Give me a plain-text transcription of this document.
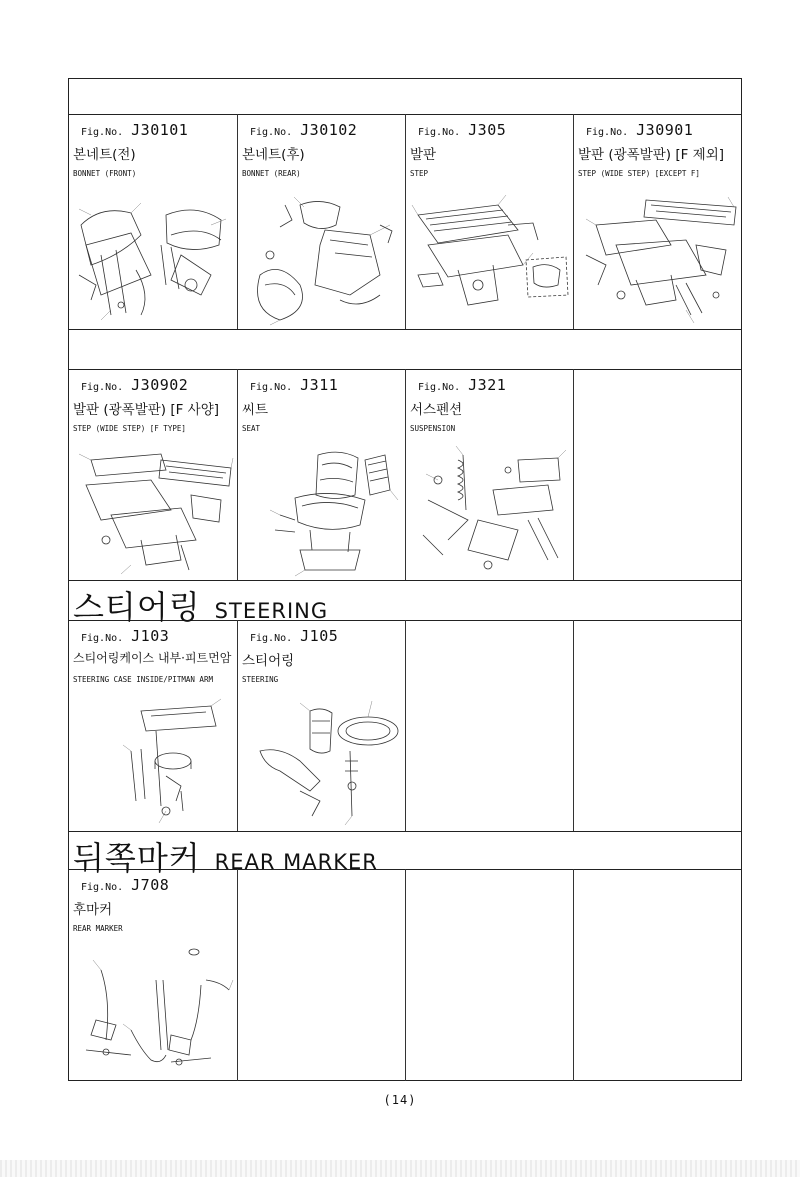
Fig.No. J30101
본네트(전)
BONNET (FRONT)
Fig.No. J30102
본네트(후)
BONNET (REAR)
Fig.No. J305
발판
STEP
Fig.No. J30901
발판 (광폭발판) [F 제외]
STEP (WIDE STEP) [EXCEPT F]
Fig.No. J30902
발판 (광폭발판) [F 사양]
STEP (WIDE STEP) [F TYPE]
Fig.No. J311
씨트
SEAT
Fig.No. J321
서스펜션
SUSPENSION
스티어링 STEERING
Fig.No. J103
스티어링케이스 내부·피트먼암
STEERING CASE INSIDE/PITMAN ARM
Fig.No. J105
스티어링
STEERING
뒤쪽마커 REAR MARKER
Fig.No. J708
후마커
REAR MARKER
(14)
